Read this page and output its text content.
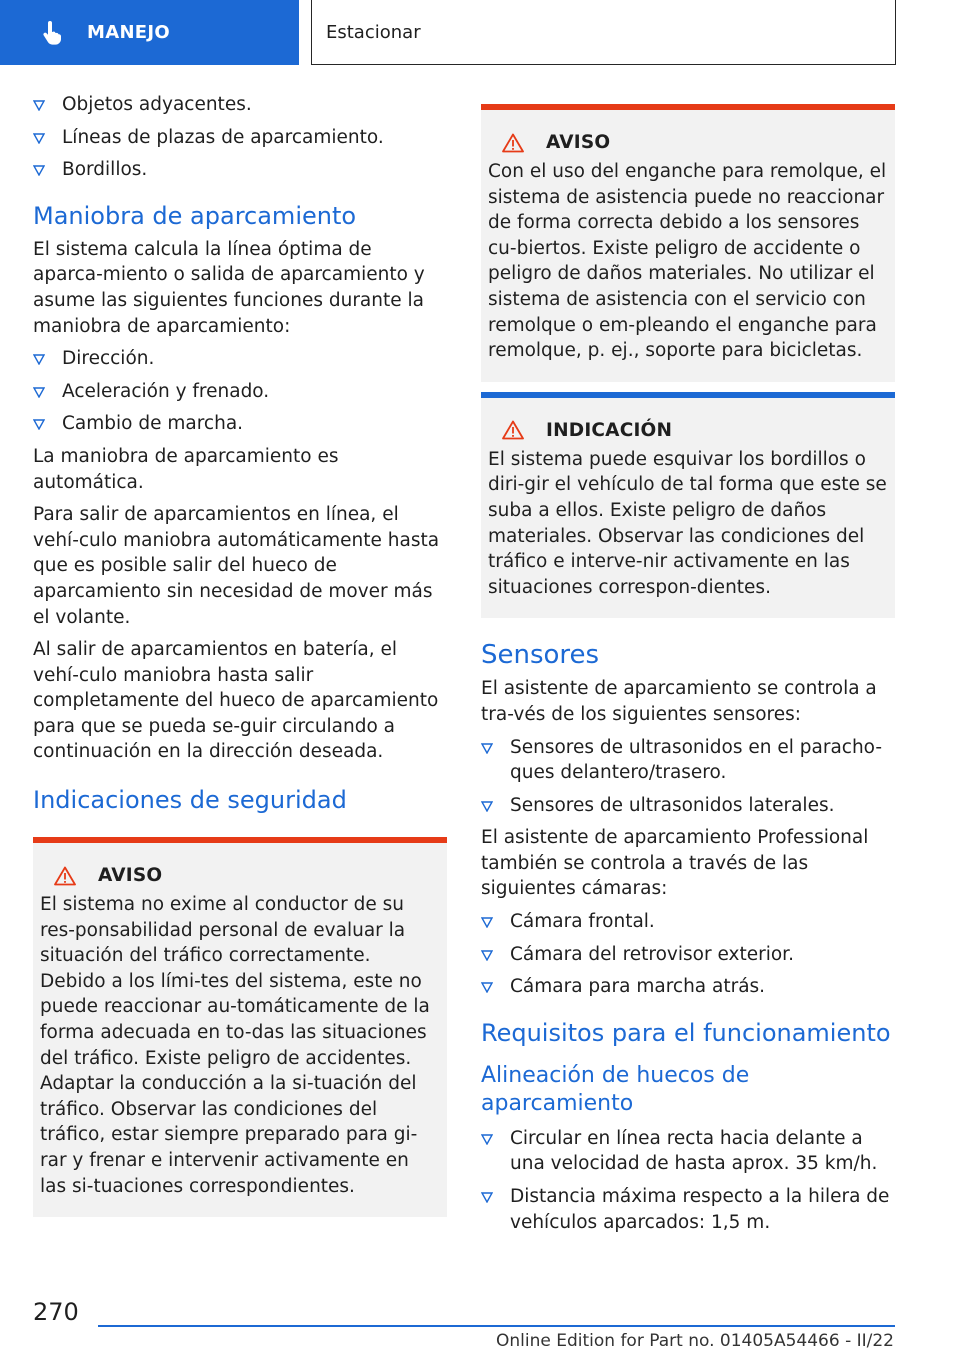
MANEJO	Estacionar
Objetos adyacentes.
Líneas de plazas de aparcamiento.
Bordillos.
Maniobra de aparcamiento

El sistema calcula la línea óptima de aparca-miento o salida de aparcamiento y asume las siguientes funciones durante la maniobra de aparcamiento:

Dirección.
Aceleración y frenado.
Cambio de marcha.

La maniobra de aparcamiento es automática.

Para salir de aparcamientos en línea, el vehí-culo maniobra automáticamente hasta que es posible salir del hueco de aparcamiento sin necesidad de mover más el volante.

Al salir de aparcamientos en batería, el vehí-culo maniobra hasta salir completamente del hueco de aparcamiento para que se pueda se-guir circulando a continuación en la dirección deseada.

Indicaciones de seguridad
AVISO

El sistema no exime al conductor de su res-ponsabilidad personal de evaluar la situación del tráfico correctamente. Debido a los lími-tes del sistema, este no puede reaccionar au-tomáticamente de la forma adecuada en to-das las situaciones del tráfico. Existe peligro de accidentes. Adaptar la conducción a la si-tuación del tráfico. Observar las condiciones del tráfico, estar siempre preparado para gi-rar y frenar e intervenir activamente en las si-tuaciones correspondientes.

AVISO

Con el uso del enganche para remolque, el sistema de asistencia puede no reaccionar de forma correcta debido a los sensores cu-biertos. Existe peligro de accidente o peligro de daños materiales. No utilizar el sistema de asistencia con el servicio con remolque o em-pleando el enganche para remolque, p. ej., soporte para bicicletas.

INDICACIÓN

El sistema puede esquivar los bordillos o diri-gir el vehículo de tal forma que este se suba a ellos. Existe peligro de daños materiales. Observar las condiciones del tráfico e interve-nir activamente en las situaciones correspon-dientes.

Sensores

El asistente de aparcamiento se controla a tra-vés de los siguientes sensores:

Sensores de ultrasonidos en el paracho-ques delantero/trasero.
Sensores de ultrasonidos laterales.

El asistente de aparcamiento Professional también se controla a través de las siguientes cámaras:

Cámara frontal.
Cámara del retrovisor exterior.
Cámara para marcha atrás.
Requisitos para el funcionamiento
Alineación de huecos de aparcamiento
Circular en línea recta hacia delante a una velocidad de hasta aprox. 35 km/h.
Distancia máxima respecto a la hilera de vehículos aparcados: 1,5 m.
270
Online Edition for Part no. 01405A54466 - II/22
